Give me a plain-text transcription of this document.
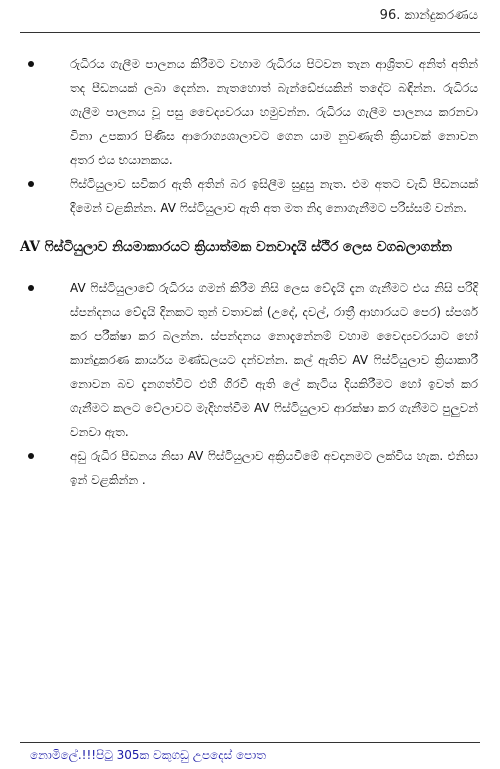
96. කාන්දුකරණය
රුධිරය ගැලීම පාලනය කිරීමට වහාම රුධිරය පිටවන තැන ආශ්‍රිතව අනිත් අතින් තද පීඩනයක් ලබා දෙන්න. නැතහොත් බැන්ඩේජයකින් තදේට බඳින්න. රුධිරය ගැලීම පාලනය වූ පසු වෛද්‍යවරයා හමුවන්න. රුධිරය ගැලීම පාලනය කරනවා විනා උපකාර පිණිස ආරොග්‍යශාලාවට ගෙන යාම නුවණැති ක්‍රියාවක් නොවන අතර එය භයානකය.
ෆිස්ටියුලාව සවිකර ඇති අතින් බර ඉසිලීම සුදුසු නැත. එම අතට වැඩි පීඩනයක් දීමෙන් වළකින්න. AV ෆිස්ටියුලාව ඇති අත මත නිදා නොගැනීමට පරිස්සම් වන්න.
AV ෆිස්ටියුලාව නියමාකාරයට ක්‍රියාත්මක වනවාදැයි ස්ථිර ලෙස වගබලාගන්න
AV ෆිස්ටියුලාවේ රුධිරය ගමන් කිරීම නිසි ලෙස වේදැයි දැන ගැනීමට එය නිසි පරිදි ස්පන්දනය වේදැයි දිනකට තුන් වතාවක් (උදේ, දවල්, රාත්‍රී ආහාරයට පෙර) ස්පර්ශ කර පරීක්ෂා කර බලන්න. ස්පන්දනය නොදැනේනම් වහාම වෛද්‍යවරයාට හෝ කාන්දුකරණ කාර්යය මණ්ඩලයට දන්වන්න. කල් ඇතිව AV ෆිස්ටියුලාව ක්‍රියාකාරී නොවන බව දැනගත්විට එහි ගිරවී ඇති ලේ කැටිය දියකිරීමට හෝ ඉවත් කර ගැනීමට කලට වේලාවට මැදිහත්වීම AV ෆිස්ටියුලාව ආරක්ෂා කර ගැනීමට පුලුවන් වනවා ඇත.
අඩු රුධිර පීඩනය නිසා AV ෆිස්ටියුලාව අක්‍රියවීමේ අවදානමට ලක්විය හැක. එනිසා ඉන් වළකින්න .
නොමිලේ.!!!පිටු 305ක වකුගඩු උපදෙස් පොත
